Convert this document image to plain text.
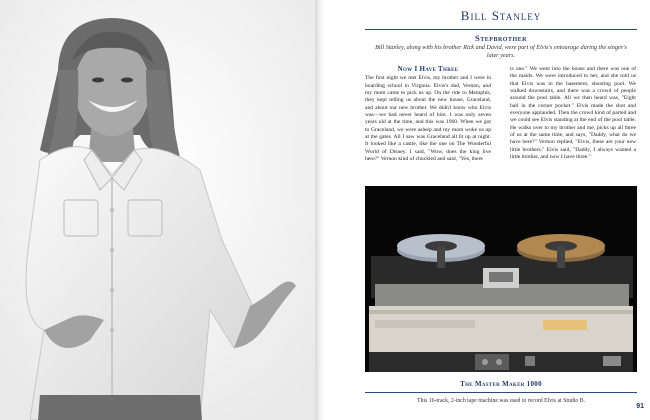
Bill Stanley
Stepbrother
Bill Stanley, along with his brother Rick and David, were part of Elvis's entourage during the singer's later years.
Now I Have Three

The first night we met Elvis, my brother and I were in boarding school in Virginia. Elvis's dad, Vernon, and my mom came to pick us up. On the ride to Memphis, they kept telling us about the new house, Graceland, and about our new brother. We didn't know who Elvis was—we had never heard of him. I was only seven years old at the time, and this was 1960. When we got to Graceland, we were asleep and my mom woke us up at the gates. All I saw was Graceland all lit up at night. It looked like a castle, like the one on The Wonderful World of Disney. I said, "Wow, does the king live here?" Vernon kind of chuckled and said, "Yes, there

is one." We went into the house and there was one of the maids. We were introduced to her, and she told us that Elvis was in the basement, shooting pool. We walked downstairs, and there was a crowd of people around the pool table. All we then heard was, "Eight ball in the corner pocket." Elvis made the shot and everyone applauded. Then the crowd kind of parted and we could see Elvis standing at the end of the pool table. He walks over to my brother and me, picks up all three of us at the same time, and says, "Daddy, what do we have here?" Vernon replied, "Elvis, these are your new little brothers." Elvis said, "Daddy, I always wanted a little brother, and now I have three."

The Master Maker 1000
This 16-track, 2-inch tape machine was used to record Elvis at Studio B.
91
